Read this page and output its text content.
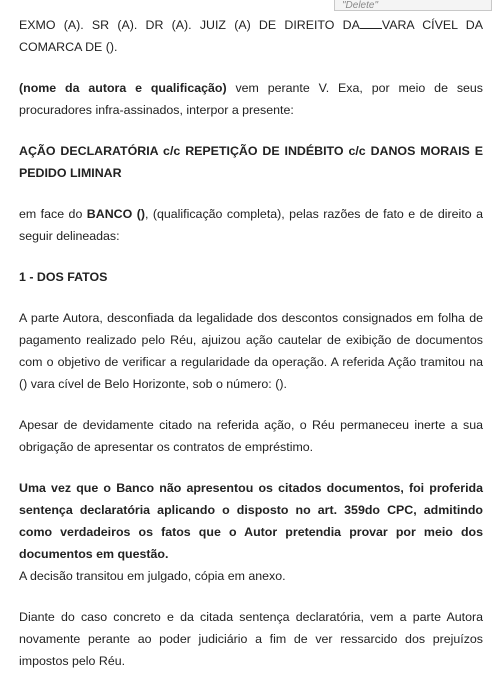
"Delete"

EXMO (A). SR (A). DR (A). JUIZ (A) DE DIREITO DA VARA CÍVEL DA COMARCA DE ().

(nome da autora e qualificação) vem perante V. Exa, por meio de seus procuradores infra-assinados, interpor a presente:

AÇÃO DECLARATÓRIA c/c REPETIÇÃO DE INDÉBITO c/c DANOS MORAIS E PEDIDO LIMINAR

em face do BANCO (), (qualificação completa), pelas razões de fato e de direito a seguir delineadas:

1 - DOS FATOS

A parte Autora, desconfiada da legalidade dos descontos consignados em folha de pagamento realizado pelo Réu, ajuizou ação cautelar de exibição de documentos com o objetivo de verificar a regularidade da operação. A referida Ação tramitou na () vara cível de Belo Horizonte, sob o número: ().

Apesar de devidamente citado na referida ação, o Réu permaneceu inerte a sua obrigação de apresentar os contratos de empréstimo.

Uma vez que o Banco não apresentou os citados documentos, foi proferida sentença declaratória aplicando o disposto no art. 359do CPC, admitindo como verdadeiros os fatos que o Autor pretendia provar por meio dos documentos em questão.

A decisão transitou em julgado, cópia em anexo.

Diante do caso concreto e da citada sentença declaratória, vem a parte Autora novamente perante ao poder judiciário a fim de ver ressarcido dos prejuízos impostos pelo Réu.
